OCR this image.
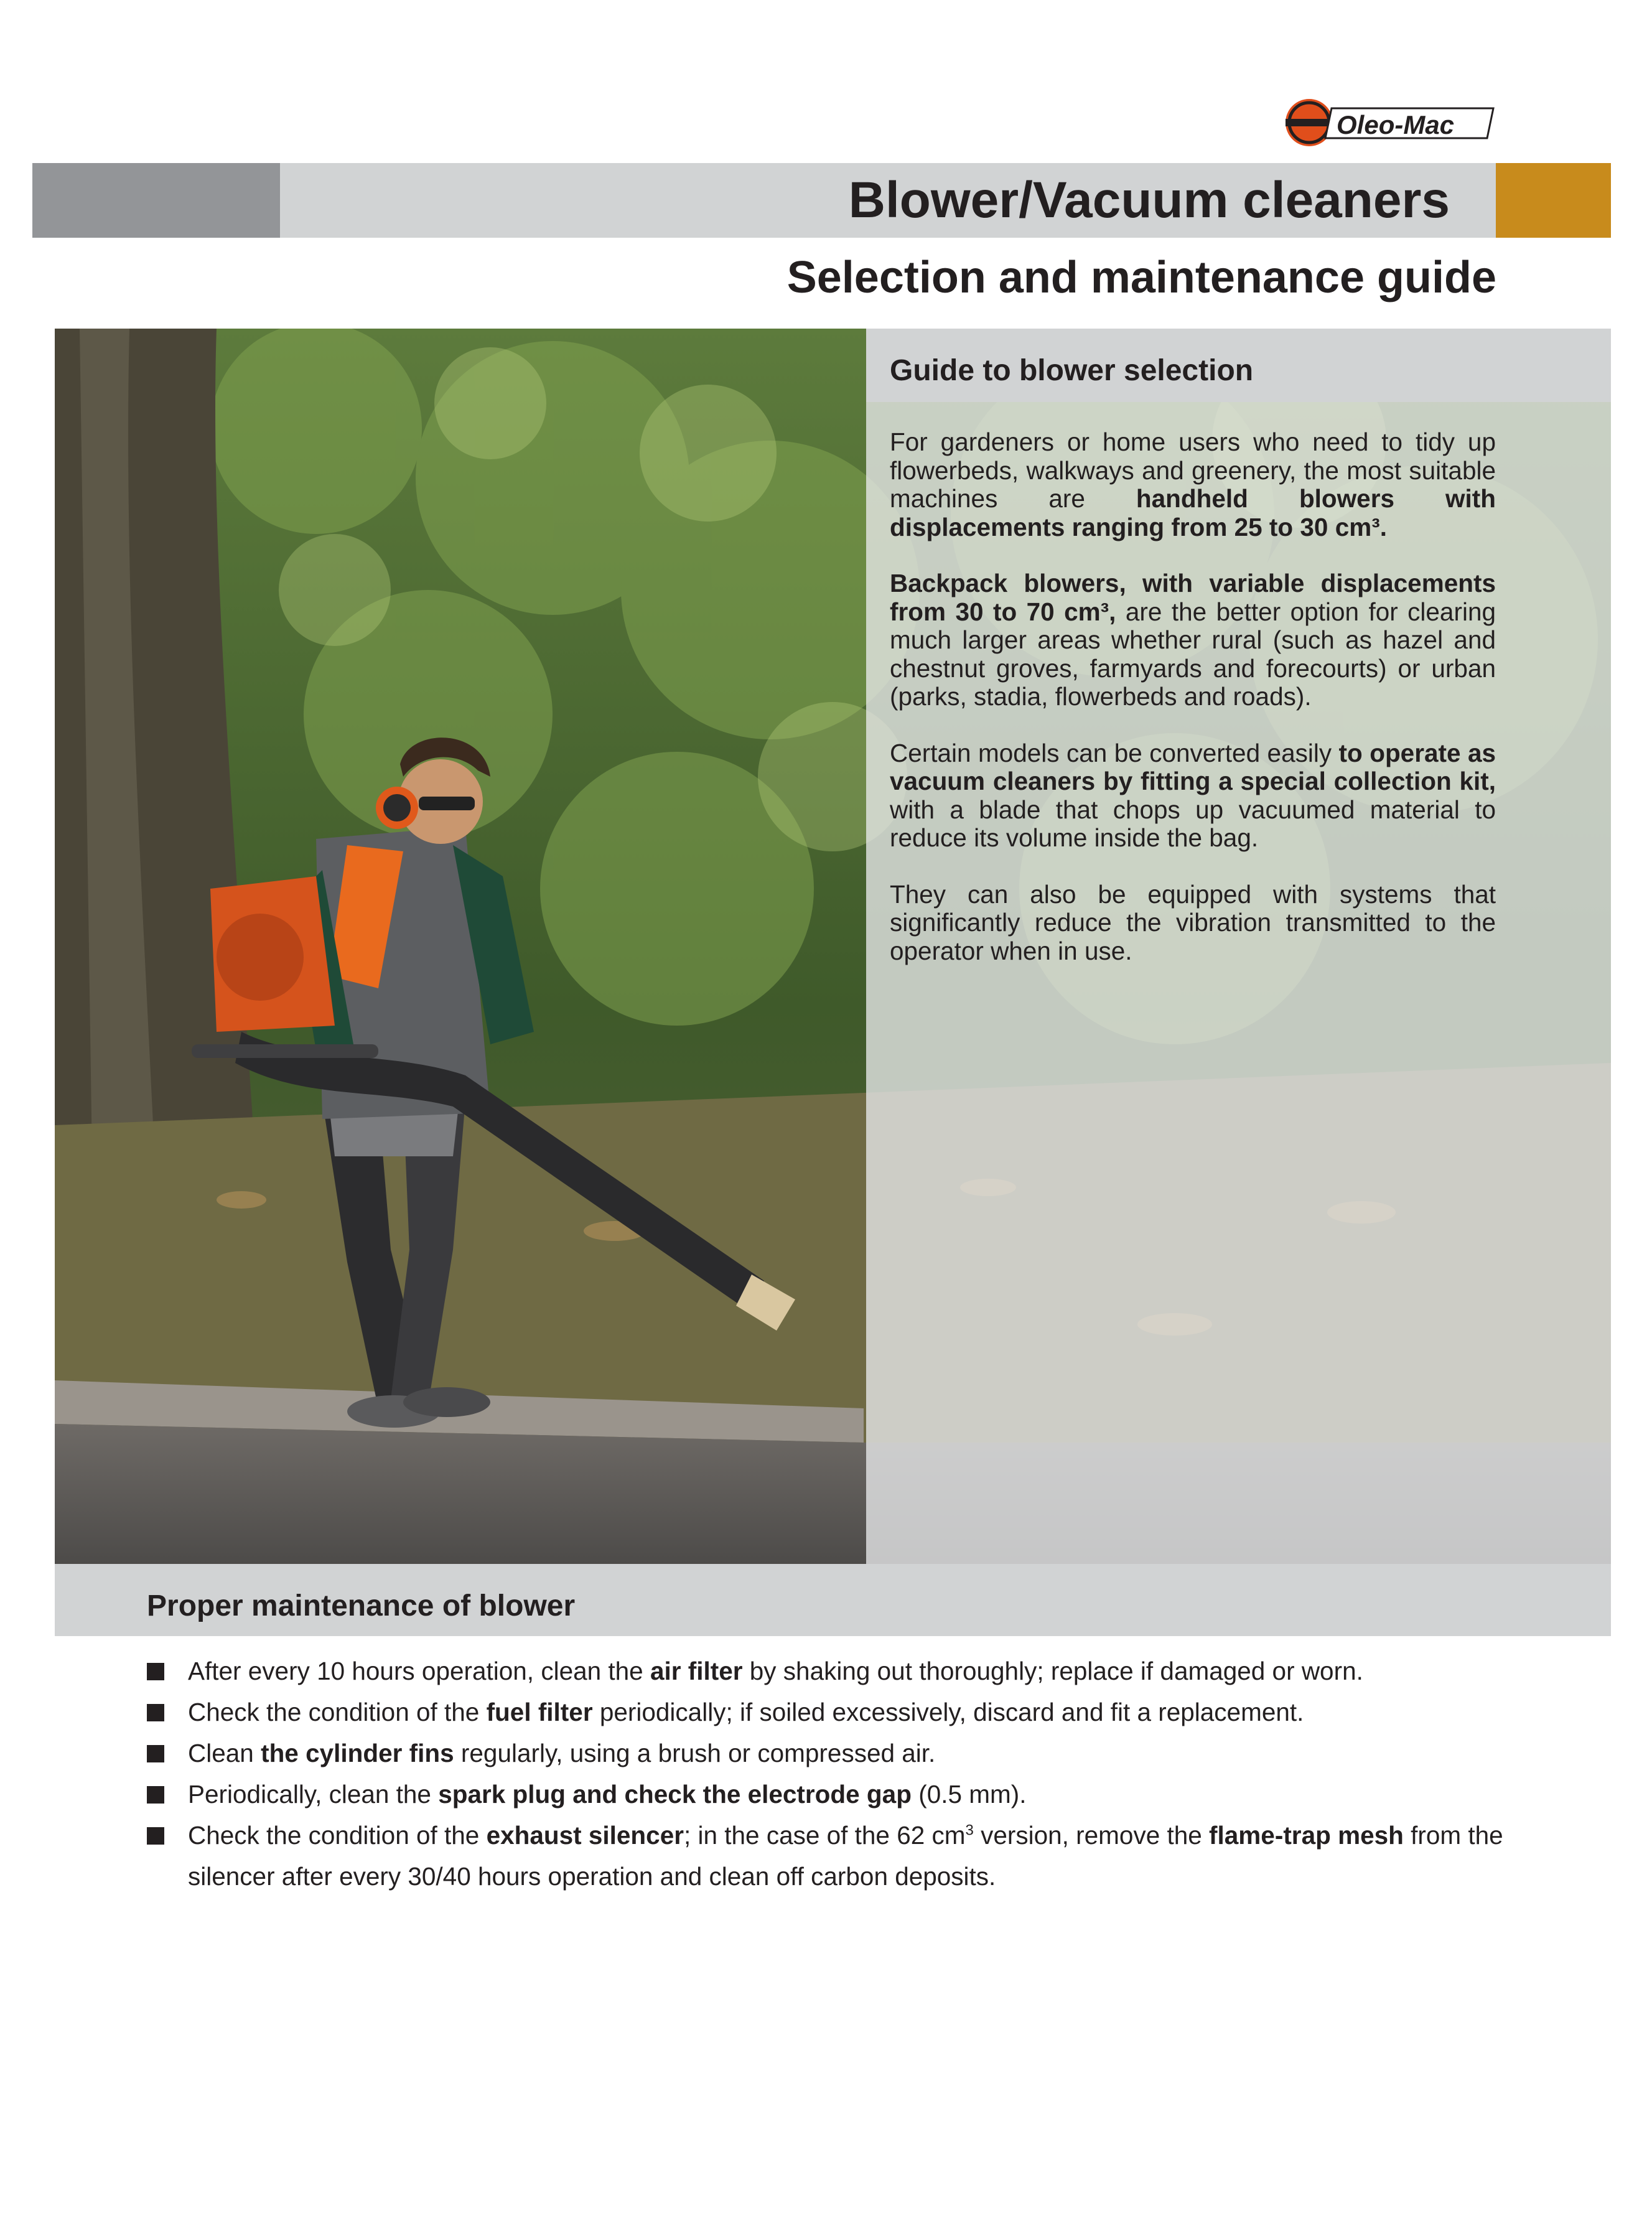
Oleo-Mac
Blower/Vacuum cleaners
Selection and maintenance guide
Guide to blower selection

For gardeners or home users who need to tidy up flowerbeds, walkways and greenery, the most suitable machines are handheld blowers with displacements ranging from 25 to 30 cm³.

Backpack blowers, with variable displacements from 30 to 70 cm³, are the better option for clearing much larger areas whether rural (such as hazel and chestnut groves, farmyards and forecourts) or urban (parks, stadia, flowerbeds and roads).

Certain models can be converted easily to operate as vacuum cleaners by fitting a special collection kit, with a blade that chops up vacuumed material to reduce its volume inside the bag.

They can also be equipped with systems that significantly reduce the vibration transmitted to the operator when in use.

Proper maintenance of blower
After every 10 hours operation, clean the air filter by shaking out thoroughly; replace if damaged or worn.
Check the condition of the fuel filter periodically; if soiled excessively, discard and fit a replacement.
Clean the cylinder fins regularly, using a brush or compressed air.
Periodically, clean the spark plug and check the electrode gap (0.5 mm).
Check the condition of the exhaust silencer; in the case of the 62 $cm^3$ version, remove the flame-trap mesh from the silencer after every 30/40 hours operation and clean off carbon deposits.
